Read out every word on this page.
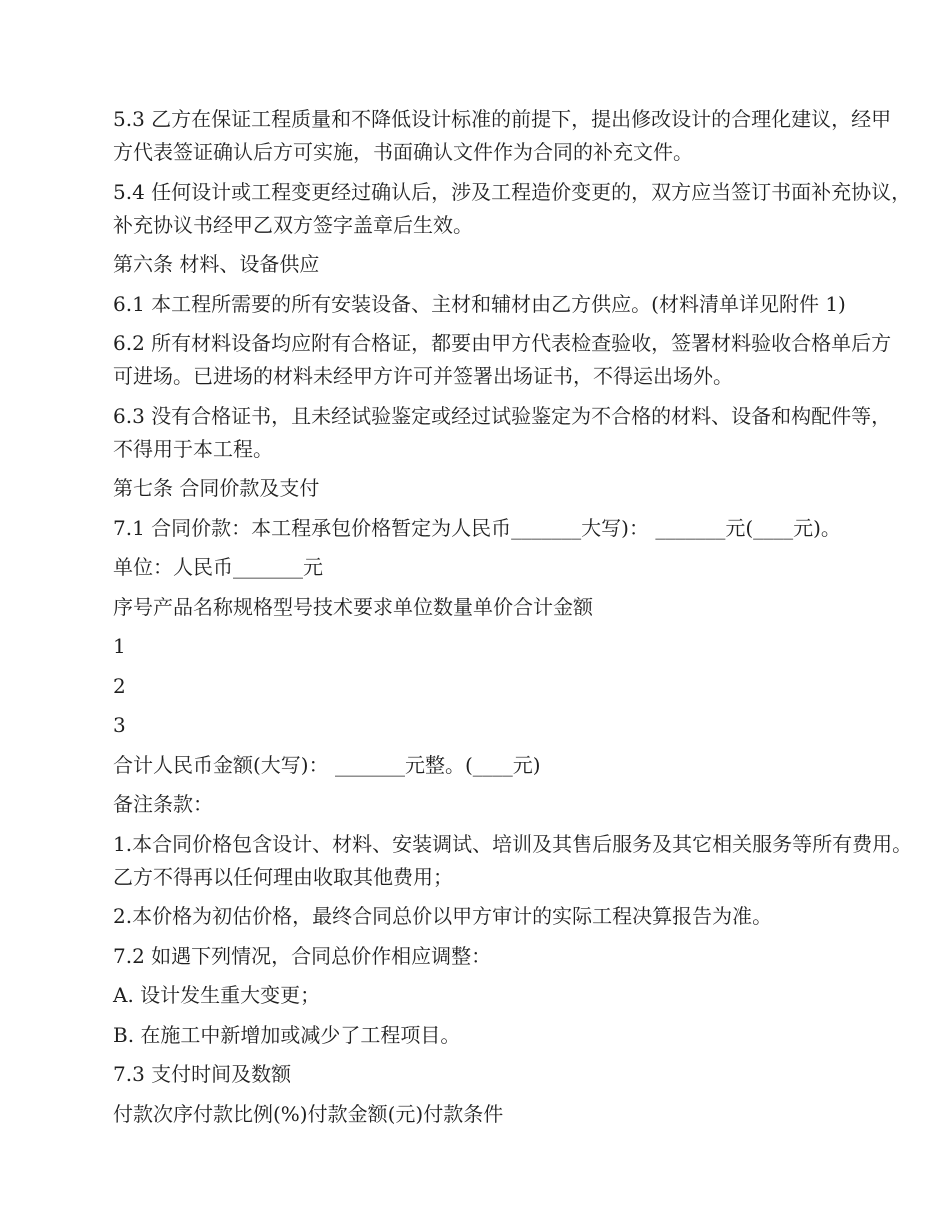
5.3 乙方在保证工程质量和不降低设计标准的前提下，提出修改设计的合理化建议，经甲
方代表签证确认后方可实施，书面确认文件作为合同的补充文件。
5.4 任何设计或工程变更经过确认后，涉及工程造价变更的，双方应当签订书面补充协议，
补充协议书经甲乙双方签字盖章后生效。
第六条 材料、设备供应
6.1 本工程所需要的所有安装设备、主材和辅材由乙方供应。(材料清单详见附件 1)
6.2 所有材料设备均应附有合格证，都要由甲方代表检查验收，签署材料验收合格单后方
可进场。已进场的材料未经甲方许可并签署出场证书，不得运出场外。
6.3 没有合格证书，且未经试验鉴定或经过试验鉴定为不合格的材料、设备和构配件等，
不得用于本工程。
第七条 合同价款及支付
7.1 合同价款：本工程承包价格暂定为人民币_______大写)： _______元(____元)。
单位：人民币_______元
序号产品名称规格型号技术要求单位数量单价合计金额
1
2
3
合计人民币金额(大写)： _______元整。(____元)
备注条款：
1.本合同价格包含设计、材料、安装调试、培训及其售后服务及其它相关服务等所有费用。
乙方不得再以任何理由收取其他费用；
2.本价格为初估价格，最终合同总价以甲方审计的实际工程决算报告为准。
7.2 如遇下列情况，合同总价作相应调整：
A. 设计发生重大变更；
B. 在施工中新增加或减少了工程项目。
7.3 支付时间及数额
付款次序付款比例(%)付款金额(元)付款条件
